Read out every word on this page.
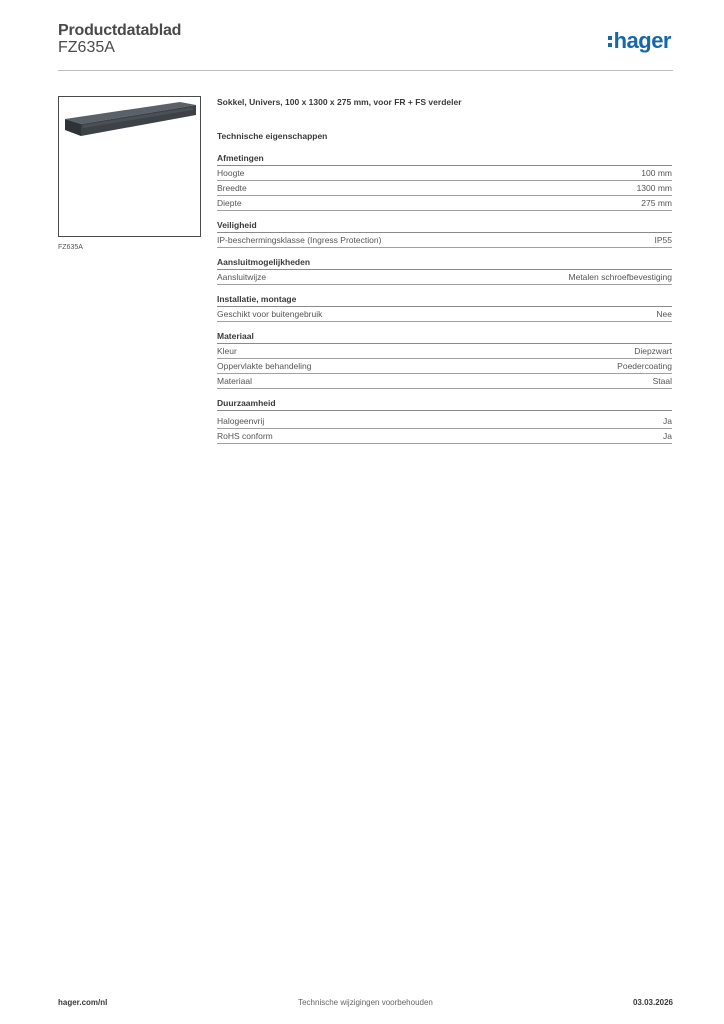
Productdatablad
FZ635A	hager
FZ635A
Sokkel, Univers, 100 x 1300 x 275 mm, voor FR + FS verdeler
Technische eigenschappen
Afmetingen
Hoogte	100 mm
Breedte	1300 mm
Diepte	275 mm
Veiligheid
IP-beschermingsklasse (Ingress Protection)	IP55
Aansluitmogelijkheden
Aansluitwijze	Metalen schroefbevestiging
Installatie, montage
Geschikt voor buitengebruik	Nee
Materiaal
Kleur	Diepzwart
Oppervlakte behandeling	Poedercoating
Materiaal	Staal
Duurzaamheid
Halogeenvrij	Ja
RoHS conform	Ja
hager.com/nl	Technische wijzigingen voorbehouden	03.03.2026
